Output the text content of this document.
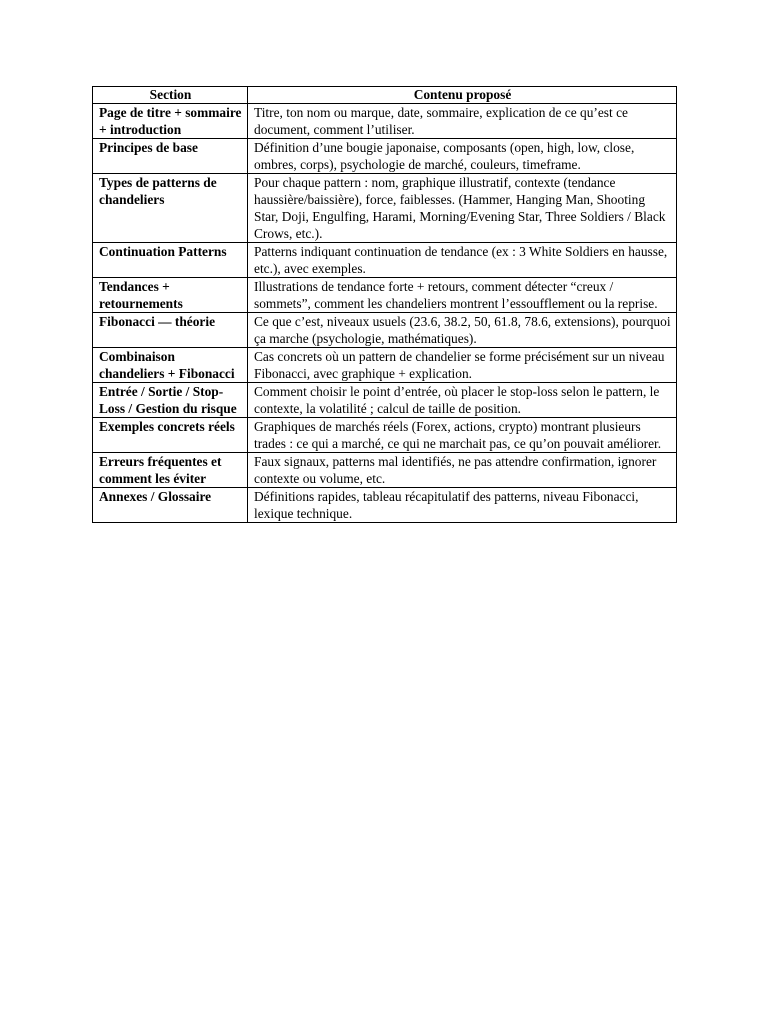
Section	Contenu proposé
Page de titre + sommaire + introduction	Titre, ton nom ou marque, date, sommaire, explication de ce qu’est ce document, comment l’utiliser.
Principes de base	Définition d’une bougie japonaise, composants (open, high, low, close, ombres, corps), psychologie de marché, couleurs, timeframe.
Types de patterns de chandeliers	Pour chaque pattern : nom, graphique illustratif, contexte (tendance haussière/baissière), force, faiblesses. (Hammer, Hanging Man, Shooting Star, Doji, Engulfing, Harami, Morning/Evening Star, Three Soldiers / Black Crows, etc.).
Continuation Patterns	Patterns indiquant continuation de tendance (ex : 3 White Soldiers en hausse, etc.), avec exemples.
Tendances + retournements	Illustrations de tendance forte + retours, comment détecter “creux / sommets”, comment les chandeliers montrent l’essoufflement ou la reprise.
Fibonacci — théorie	Ce que c’est, niveaux usuels (23.6, 38.2, 50, 61.8, 78.6, extensions), pourquoi ça marche (psychologie, mathématiques).
Combinaison chandeliers + Fibonacci	Cas concrets où un pattern de chandelier se forme précisément sur un niveau Fibonacci, avec graphique + explication.
Entrée / Sortie / Stop-Loss / Gestion du risque	Comment choisir le point d’entrée, où placer le stop-loss selon le pattern, le contexte, la volatilité ; calcul de taille de position.
Exemples concrets réels	Graphiques de marchés réels (Forex, actions, crypto) montrant plusieurs trades : ce qui a marché, ce qui ne marchait pas, ce qu’on pouvait améliorer.
Erreurs fréquentes et comment les éviter	Faux signaux, patterns mal identifiés, ne pas attendre confirmation, ignorer contexte ou volume, etc.
Annexes / Glossaire	Définitions rapides, tableau récapitulatif des patterns, niveau Fibonacci, lexique technique.
